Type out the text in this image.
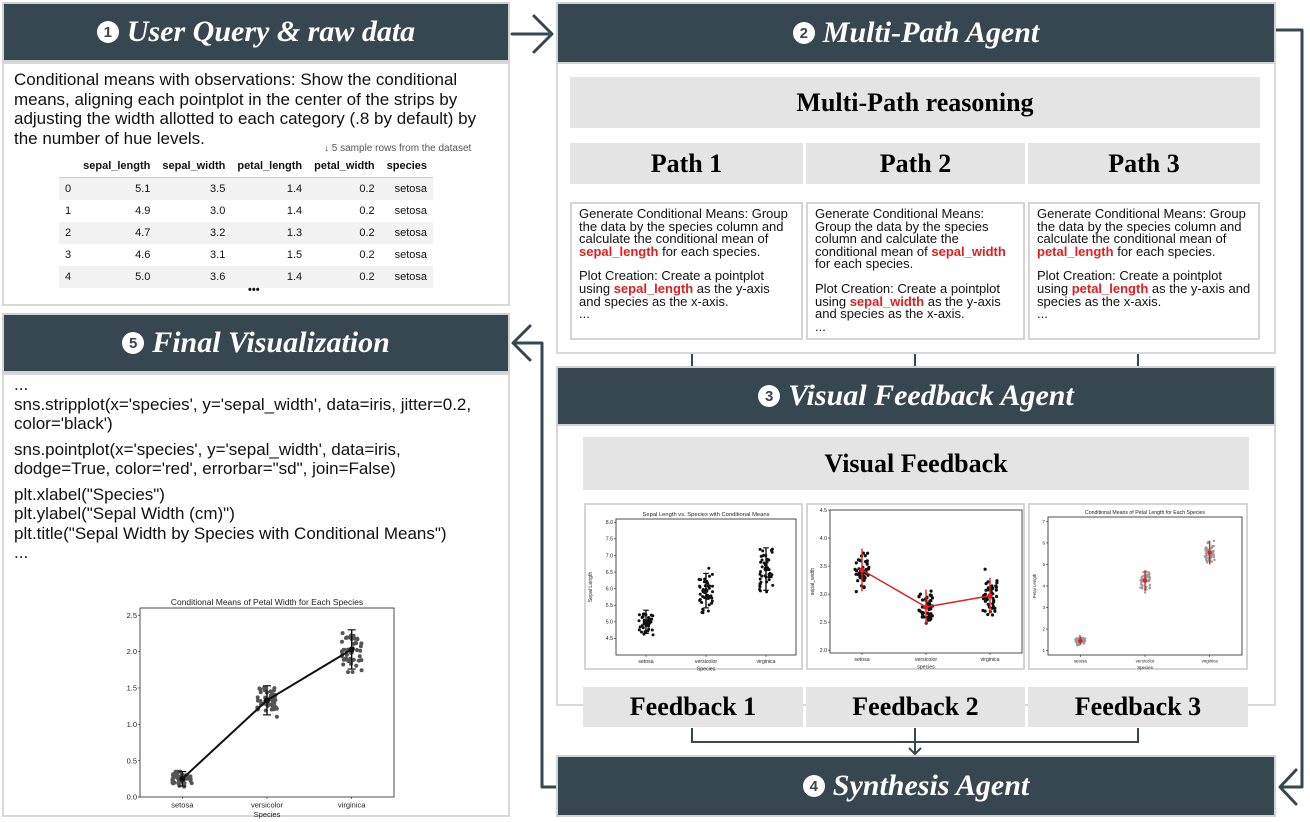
1 User Query & raw data
Conditional means with observations: Show the conditional means, aligning each pointplot in the center of the strips by adjusting the width allotted to each category (.8 by default) by the number of hue levels.
↓ 5 sample rows from the dataset
	sepal_length	sepal_width	petal_length	petal_width	species
0	5.1	3.5	1.4	0.2	setosa
1	4.9	3.0	1.4	0.2	setosa
2	4.7	3.2	1.3	0.2	setosa
3	4.6	3.1	1.5	0.2	setosa
4	5.0	3.6	1.4	0.2	setosa
•••
2 Multi-Path Agent
Multi-Path reasoning
Path 1	Path 2	Path 3

Generate Conditional Means: Group the data by the species column and calculate the conditional mean of sepal_length for each species.

Plot Creation: Create a pointplot using sepal_length as the y-axis and species as the x-axis.

...

Generate Conditional Means: Group the data by the species column and calculate the conditional mean of sepal_width for each species.

Plot Creation: Create a pointplot using sepal_width as the y-axis and species as the x-axis.

...

Generate Conditional Means: Group the data by the species column and calculate the conditional mean of petal_length for each species.

Plot Creation: Create a pointplot using petal_length as the y-axis and species as the x-axis.

...

3 Visual Feedback Agent
Visual Feedback
Sepal Length vs. Species with Conditional Means
4.5
5.0
5.5
6.0
6.5
7.0
7.5
8.0
setosa	versicolor	virginica
Species
Sepal Length
2.0
2.5
3.0
3.5
4.0
4.5
setosa	versicolor	virginica
species
sepal_width
Conditional Means of Petal Length for Each Species
1
2
3
4
5
6
7
setosa	versicolor	virginica
Species
Petal Length
Feedback 1	Feedback 2	Feedback 3
4 Synthesis Agent
5 Final Visualization

...

sns.stripplot(x='species', y='sepal_width', data=iris, jitter=0.2, color='black')

sns.pointplot(x='species', y='sepal_width', data=iris, dodge=True, color='red', errorbar="sd", join=False)

plt.xlabel("Species")
plt.ylabel("Sepal Width (cm)")
plt.title("Sepal Width by Species with Conditional Means")
...

Conditional Means of Petal Width for Each Species
0.0
0.5
1.0
1.5
2.0
2.5
setosa	versicolor	virginica
Species
